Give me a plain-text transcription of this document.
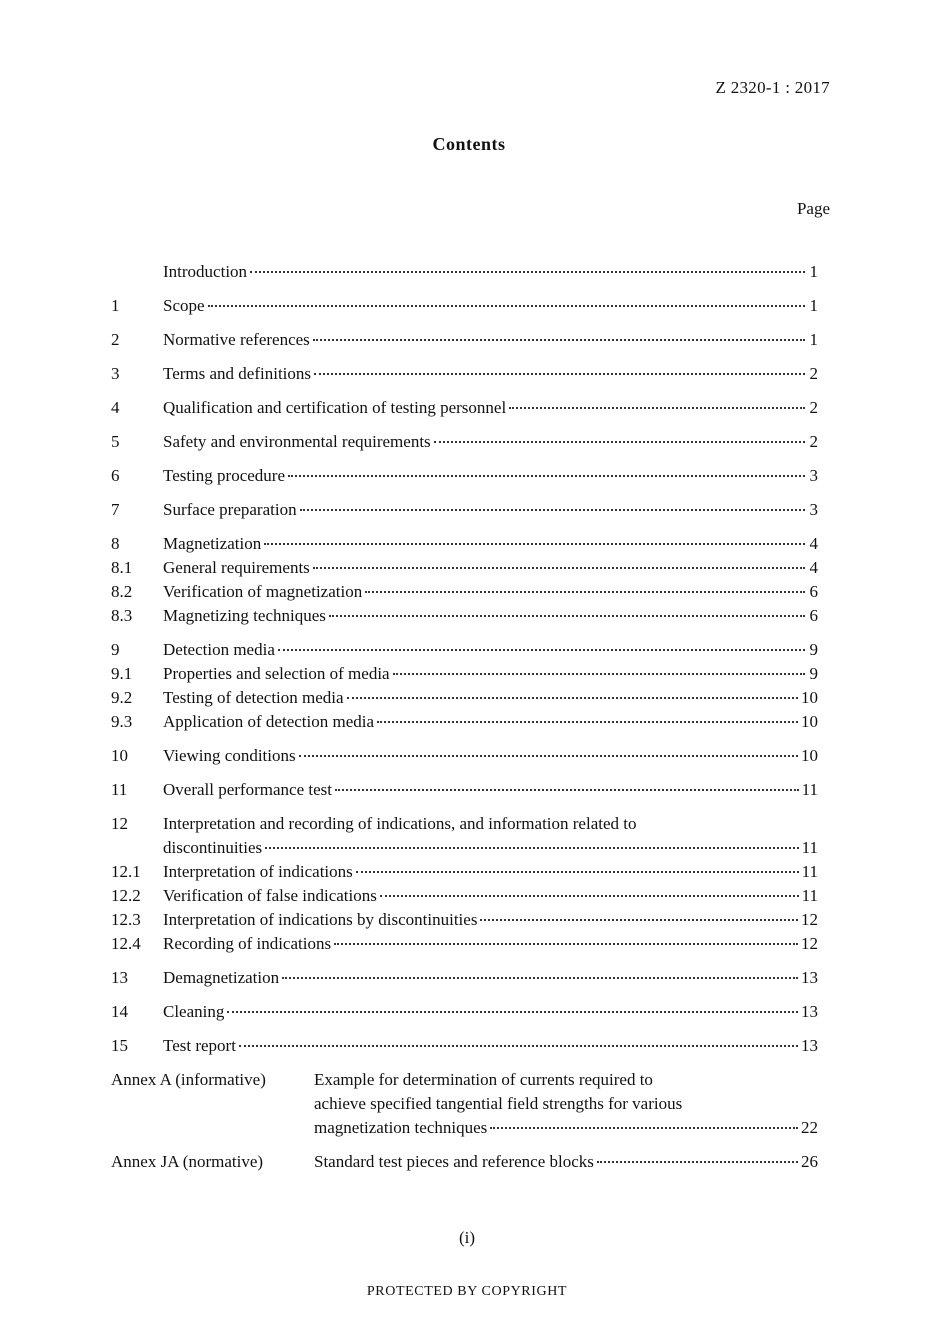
Z 2320-1 : 2017
Contents
Page
Introduction	1
1	Scope	1
2	Normative references	1
3	Terms and definitions	2
4	Qualification and certification of testing personnel	2
5	Safety and environmental requirements	2
6	Testing procedure	3
7	Surface preparation	3
8	Magnetization	4
8.1	General requirements	4
8.2	Verification of magnetization	6
8.3	Magnetizing techniques	6
9	Detection media	9
9.1	Properties and selection of media	9
9.2	Testing of detection media	10
9.3	Application of detection media	10
10	Viewing conditions	10
11	Overall performance test	11
12	Interpretation and recording of indications, and information related to
discontinuities	11
12.1	Interpretation of indications	11
12.2	Verification of false indications	11
12.3	Interpretation of indications by discontinuities	12
12.4	Recording of indications	12
13	Demagnetization	13
14	Cleaning	13
15	Test report	13
Annex A (informative)	Example for determination of currents required to
achieve specified tangential field strengths for various
magnetization techniques	22
Annex JA (normative)	Standard test pieces and reference blocks	26
(i)
PROTECTED BY COPYRIGHT
